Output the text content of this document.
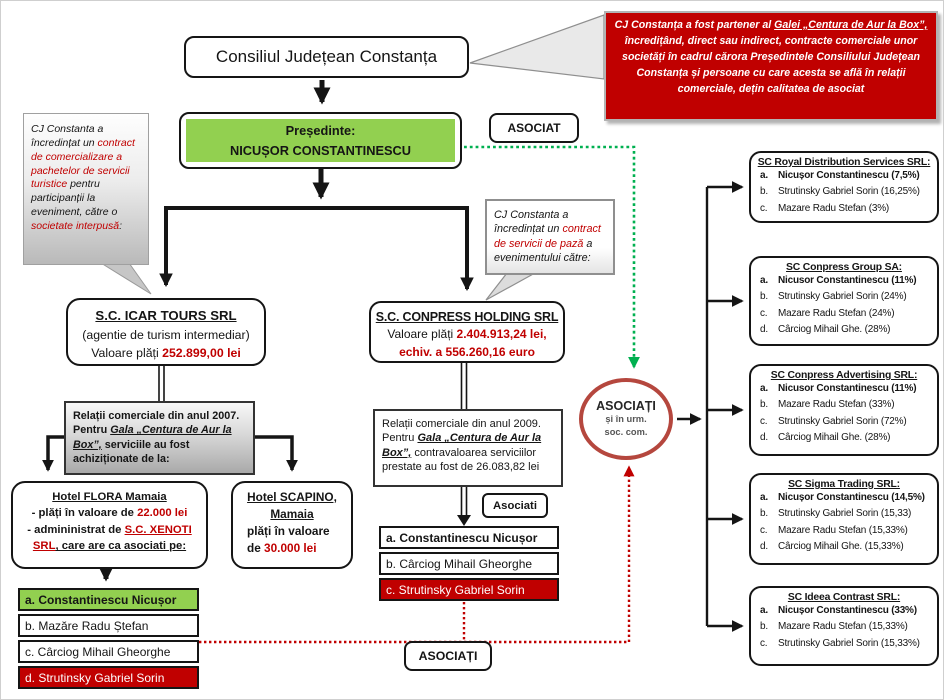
Consiliul Județean Constanța
CJ Constanța a fost partener al Galei „Centura de Aur la Box”, încredițând, direct sau indirect, contracte comerciale unor societăți în cadrul cărora Președintele Consiliului Județean Constanța și persoane cu care acesta se află în relații comerciale, dețin calitatea de asociat
Președinte:
NICUȘOR CONSTANTINESCU
ASOCIAT
CJ Constanta a încredințat un contract de comercializare a pachetelor de servicii turistice pentru participanții la eveniment, către o societate interpusă:
CJ Constanta a încredințat un contract de servicii de pază a evenimentului către:
S.C. ICAR TOURS SRL
(agentie de turism intermediar)
Valoare plăți 252.899,00 lei
S.C. CONPRESS HOLDING SRL
Valoare plăți 2.404.913,24 lei,
echiv. a 556.260,16 euro
Relații comerciale din anul 2007. Pentru Gala „Centura de Aur la Box”, serviciile au fost achiziționate de la:
Relații comerciale din anul 2009. Pentru Gala „Centura de Aur la Box”, contravaloarea serviciilor prestate au fost de 26.083,82 lei
Hotel FLORA Mamaia
- plăți în valoare de 22.000 lei
- admininistrat de S.C. XENOTI
SRL, care are ca asociati pe:
Hotel SCAPINO,
Mamaia
plăți în valoare
de 30.000 lei
a. Constantinescu Nicușor
b. Mazăre Radu Ștefan
c. Cârciog Mihail Gheorghe
d. Strutinsky Gabriel Sorin
a. Constantinescu Nicușor
b. Cârciog Mihail Gheorghe
c. Strutinsky Gabriel Sorin
Asociati
ASOCIAȚI
ASOCIAȚI
și în urm.
soc. com.
SC Royal Distribution Services SRL:
a.	Nicușor Constantinescu (7,5%)
b.	Strutinsky Gabriel Sorin (16,25%)
c.	Mazare Radu Stefan (3%)
SC Conpress Group SA:
a.	Nicusor Constantinescu (11%)
b.	Strutinsky Gabriel Sorin (24%)
c.	Mazare Radu Stefan (24%)
d.	Cârciog Mihail Ghe. (28%)
SC Conpress Advertising SRL:
a.	Nicusor Constantinescu (11%)
b.	Mazare Radu Stefan (33%)
c.	Strutinsky Gabriel Sorin (72%)
d.	Cârciog Mihail Ghe. (28%)
SC Sigma Trading SRL:
a.	Nicușor Constantinescu (14,5%)
b.	Strutinsky Gabriel Sorin (15,33)
c.	Mazare Radu Stefan (15,33%)
d.	Cârciog Mihail Ghe. (15,33%)
SC Ideea Contrast SRL:
a.	Nicușor Constantinescu (33%)
b.	Mazare Radu Stefan (15,33%)
c.	Strutinsky Gabriel Sorin (15,33%)
